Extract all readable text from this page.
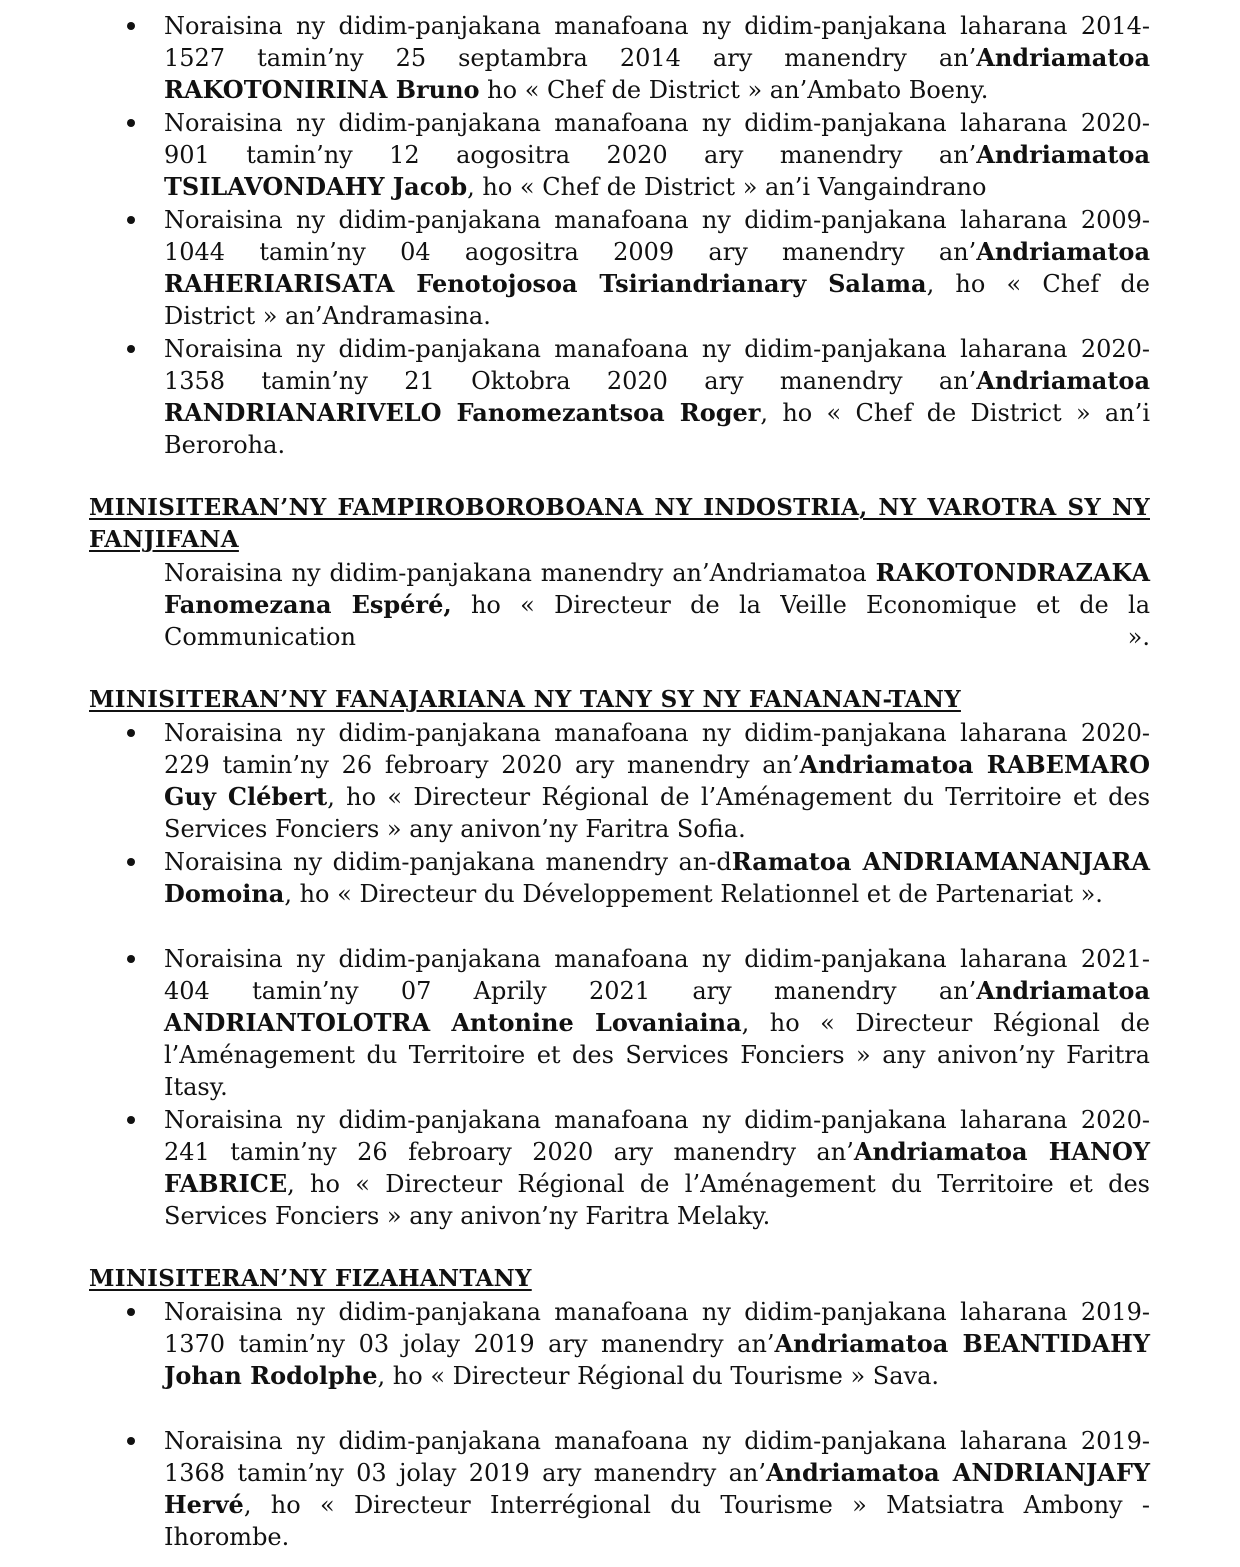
Noraisina ny didim-panjakana manafoana ny didim-panjakana laharana 2014-1527 tamin’ny 25 septambra 2014 ary manendry an’Andriamatoa RAKOTONIRINA Bruno ho « Chef de District » an’Ambato Boeny.
Noraisina ny didim-panjakana manafoana ny didim-panjakana laharana 2020-901 tamin’ny 12 aogositra 2020 ary manendry an’Andriamatoa TSILAVONDAHY Jacob, ho « Chef de District » an’i Vangaindrano
Noraisina ny didim-panjakana manafoana ny didim-panjakana laharana 2009-1044 tamin’ny 04 aogositra 2009 ary manendry an’Andriamatoa RAHERIARISATA Fenotojosoa Tsiriandrianary Salama, ho « Chef de District » an’Andramasina.
Noraisina ny didim-panjakana manafoana ny didim-panjakana laharana 2020-1358 tamin’ny 21 Oktobra 2020 ary manendry an’Andriamatoa RANDRIANARIVELO Fanomezantsoa Roger, ho « Chef de District » an’i Beroroha.
MINISITERAN’NY FAMPIROBOROBOANA NY INDOSTRIA, NY VAROTRA SY NY FANJIFANA
Noraisina ny didim-panjakana manendry an’Andriamatoa RAKOTONDRAZAKA Fanomezana Espéré, ho « Directeur de la Veille Economique et de la Communication ».
MINISITERAN’NY FANAJARIANA NY TANY SY NY FANANAN-TANY
Noraisina ny didim-panjakana manafoana ny didim-panjakana laharana 2020-229 tamin’ny 26 febroary 2020 ary manendry an’Andriamatoa RABEMARO Guy Clébert, ho « Directeur Régional de l’Aménagement du Territoire et des Services Fonciers » any anivon’ny Faritra Sofia.
Noraisina ny didim-panjakana manendry an-dRamatoa ANDRIAMANANJARA Domoina, ho « Directeur du Développement Relationnel et de Partenariat ».
Noraisina ny didim-panjakana manafoana ny didim-panjakana laharana 2021-404 tamin’ny 07 Aprily 2021 ary manendry an’Andriamatoa ANDRIANTOLOTRA Antonine Lovaniaina, ho « Directeur Régional de l’Aménagement du Territoire et des Services Fonciers » any anivon’ny Faritra Itasy.
Noraisina ny didim-panjakana manafoana ny didim-panjakana laharana 2020-241 tamin’ny 26 febroary 2020 ary manendry an’Andriamatoa HANOY FABRICE, ho « Directeur Régional de l’Aménagement du Territoire et des Services Fonciers » any anivon’ny Faritra Melaky.
MINISITERAN’NY FIZAHANTANY
Noraisina ny didim-panjakana manafoana ny didim-panjakana laharana 2019-1370 tamin’ny 03 jolay 2019 ary manendry an’Andriamatoa BEANTIDAHY Johan Rodolphe, ho « Directeur Régional du Tourisme » Sava.
Noraisina ny didim-panjakana manafoana ny didim-panjakana laharana 2019-1368 tamin’ny 03 jolay 2019 ary manendry an’Andriamatoa ANDRIANJAFY Hervé, ho « Directeur Interrégional du Tourisme » Matsiatra Ambony - Ihorombe.
